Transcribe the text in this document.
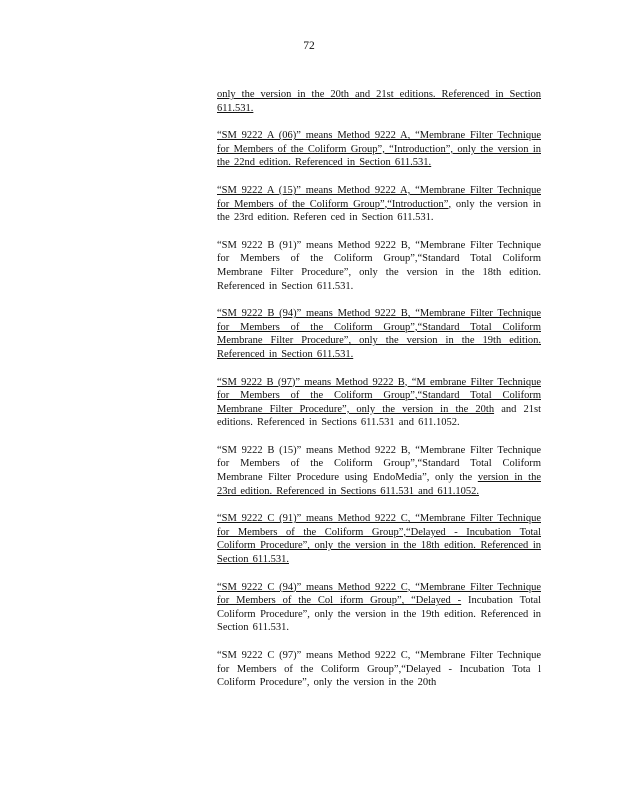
72

only the version in the 20th and 21st editions. Referenced in Section 611.531.

“SM 9222 A (06)” means Method 9222 A, “Membrane Filter Technique for Members of the Coliform Group”, “Introduction”, only the version in the 22nd edition. Referenced in Section 611.531.

“SM 9222 A (15)” means Method 9222 A, “Membrane Filter Technique for Members of the Coliform Group”,“Introduction”, only the version in the 23rd edition. Referen ced in Section 611.531.

“SM 9222 B (91)” means Method 9222 B, “Membrane Filter Technique for Members of the Coliform Group”,“Standard Total Coliform Membrane Filter Procedure”, only the version in the 18th edition. Referenced in Section 611.531.

“SM 9222 B (94)” means Method 9222 B, “Membrane Filter Technique for Members of the Coliform Group”,“Standard Total Coliform Membrane Filter Procedure”, only the version in the 19th edition. Referenced in Section 611.531.

“SM 9222 B (97)” means Method 9222 B, “M embrane Filter Technique for Members of the Coliform Group”,“Standard Total Coliform Membrane Filter Procedure”, only the version in the 20th and 21st editions. Referenced in Sections 611.531 and 611.1052.

“SM 9222 B (15)” means Method 9222 B, “Membrane Filter Technique for Members of the Coliform Group”,“Standard Total Coliform Membrane Filter Procedure using EndoMedia”, only the version in the 23rd edition. Referenced in Sections 611.531 and 611.1052.

“SM 9222 C (91)” means Method 9222 C, “Membrane Filter Technique for Members of the Coliform Group”,“Delayed - Incubation Total Coliform Procedure”, only the version in the 18th edition. Referenced in Section 611.531.

“SM 9222 C (94)” means Method 9222 C, “Membrane Filter Technique for Members of the Col iform Group”, “Delayed - Incubation Total Coliform Procedure”, only the version in the 19th edition. Referenced in Section 611.531.

“SM 9222 C (97)” means Method 9222 C, “Membrane Filter Technique for Members of the Coliform Group”,“Delayed - Incubation Tota l Coliform Procedure”, only the version in the 20th
